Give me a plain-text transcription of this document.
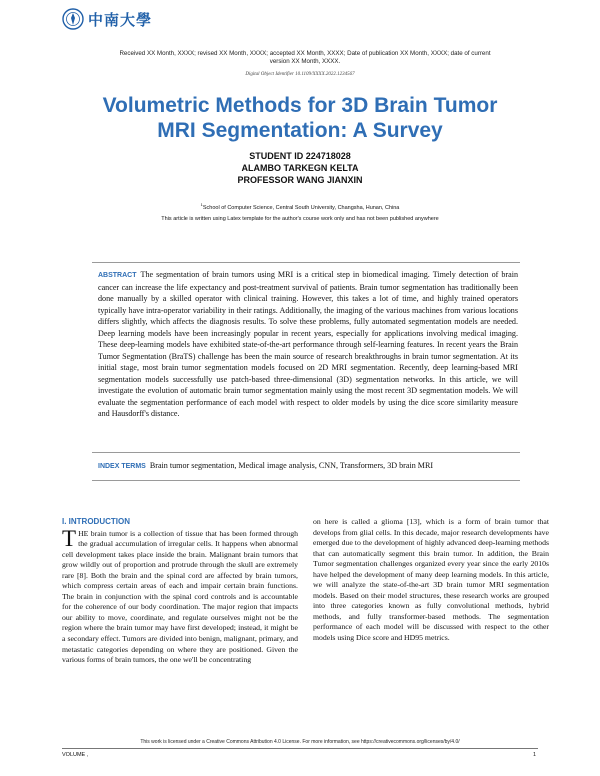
中南大學
Received XX Month, XXXX; revised XX Month, XXXX; accepted XX Month, XXXX; Date of publication XX Month, XXXX; date of current version XX Month, XXXX.
Digital Object Identifier 10.1109/XXXX.2022.1234567
Volumetric Methods for 3D Brain Tumor MRI Segmentation: A Survey
STUDENT ID 224718028
ALAMBO TARKEGN KELTA
PROFESSOR WANG JIANXIN
$^1$School of Computer Science, Central South University, Changsha, Hunan, China
This article is written using Latex template for the author's course work only and has not been published anywhere
ABSTRACT The segmentation of brain tumors using MRI is a critical step in biomedical imaging. Timely detection of brain cancer can increase the life expectancy and post-treatment survival of patients. Brain tumor segmentation has traditionally been done manually by a skilled operator with clinical training. However, this takes a lot of time, and highly trained operators typically have intra-operator variability in their ratings. Additionally, the imaging of the various machines from various locations differs slightly, which affects the diagnosis results. To solve these problems, fully automated segmentation models are needed. Deep learning models have been increasingly popular in recent years, especially for applications involving medical imaging. These deep-learning models have exhibited state-of-the-art performance through self-learning features. In recent years the Brain Tumor Segmentation (BraTS) challenge has been the main source of research breakthroughs in brain tumor segmentation. At its initial stage, most brain tumor segmentation models focused on 2D MRI segmentation. Recently, deep learning-based MRI segmentation models successfully use patch-based three-dimensional (3D) segmentation networks. In this article, we will investigate the evolution of automatic brain tumor segmentation mainly using the most recent 3D segmentation models. We will evaluate the segmentation performance of each model with respect to older models by using the dice score similarity measure and Hausdorff's distance.
INDEX TERMS Brain tumor segmentation, Medical image analysis, CNN, Transformers, 3D brain MRI
I. INTRODUCTION
T HE brain tumor is a collection of tissue that has been formed through the gradual accumulation of irregular cells. It happens when abnormal cell development takes place inside the brain. Malignant brain tumors that grow wildly out of proportion and protrude through the skull are extremely rare [8]. Both the brain and the spinal cord are affected by brain tumors, which compress certain areas of each and impair certain brain functions. The brain in conjunction with the spinal cord controls and is accountable for the coherence of our body coordination. The major region that impacts our ability to move, coordinate, and regulate ourselves might not be the region where the brain tumor may have first developed; instead, it might be a secondary effect. Tumors are divided into benign, malignant, primary, and metastatic categories depending on where they are positioned. Given the various forms of brain tumors, the one we'll be concentrating
on here is called a glioma [13], which is a form of brain tumor that develops from glial cells. In this decade, major research developments have emerged due to the development of highly advanced deep-learning methods that can automatically segment this brain tumor. In addition, the Brain Tumor segmentation challenges organized every year since the early 2010s have helped the development of many deep learning models. In this article, we will analyze the state-of-the-art 3D brain tumor MRI segmentation models. Based on their model structures, these research works are grouped into three categories known as fully convolutional methods, hybrid methods, and fully transformer-based methods. The segmentation performance of each model will be discussed with respect to the other models using Dice score and HD95 metrics.
This work is licensed under a Creative Commons Attribution 4.0 License. For more information, see https://creativecommons.org/licenses/by/4.0/
VOLUME ,	1
